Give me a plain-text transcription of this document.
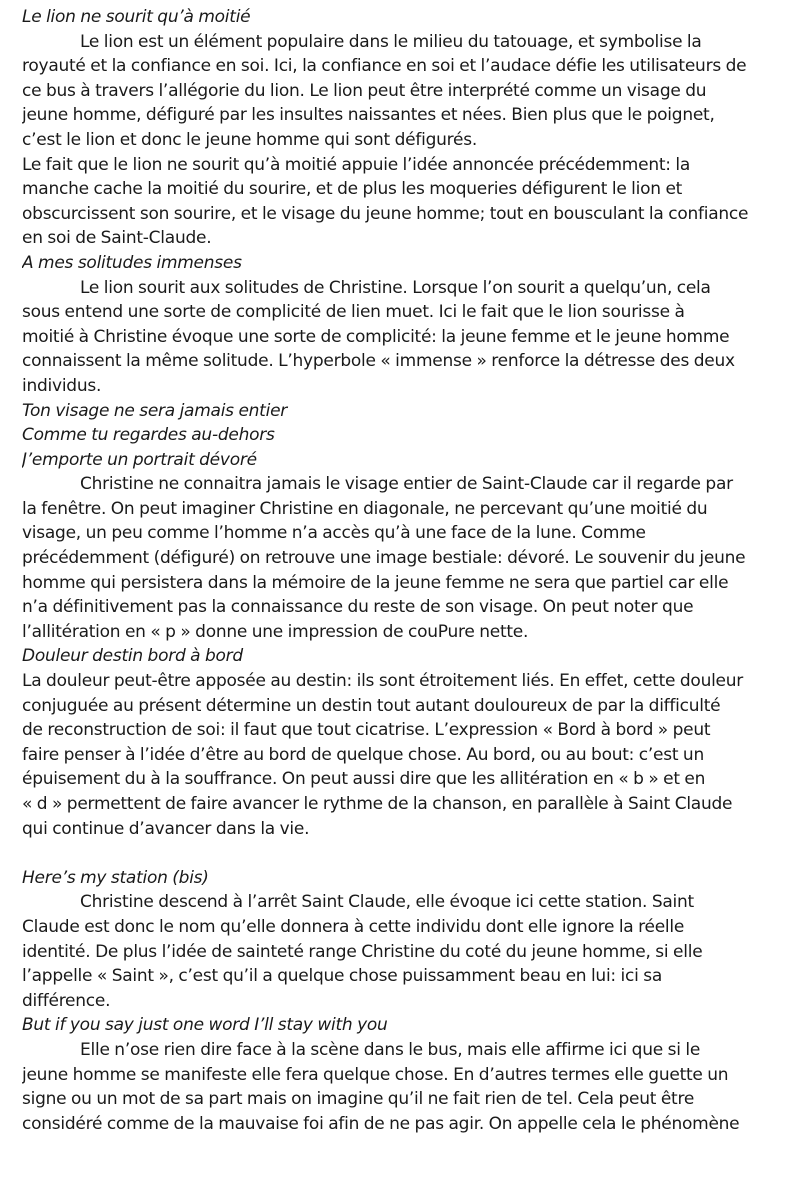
Le lion ne sourit qu’à moitié
Le lion est un élément populaire dans le milieu du tatouage, et symbolise la
royauté et la confiance en soi. Ici, la confiance en soi et l’audace défie les utilisateurs de
ce bus à travers l’allégorie du lion. Le lion peut être interprété comme un visage du
jeune homme, défiguré par les insultes naissantes et nées. Bien plus que le poignet,
c’est le lion et donc le jeune homme qui sont défigurés.
Le fait que le lion ne sourit qu’à moitié appuie l’idée annoncée précédemment: la
manche cache la moitié du sourire, et de plus les moqueries défigurent le lion et
obscurcissent son sourire, et le visage du jeune homme; tout en bousculant la confiance
en soi de Saint-Claude.
A mes solitudes immenses
Le lion sourit aux solitudes de Christine. Lorsque l’on sourit a quelqu’un, cela
sous entend une sorte de complicité de lien muet. Ici le fait que le lion sourisse à
moitié à Christine évoque une sorte de complicité: la jeune femme et le jeune homme
connaissent la même solitude. L’hyperbole « immense » renforce la détresse des deux
individus.
Ton visage ne sera jamais entier
Comme tu regardes au-dehors
J’emporte un portrait dévoré
Christine ne connaitra jamais le visage entier de Saint-Claude car il regarde par
la fenêtre. On peut imaginer Christine en diagonale, ne percevant qu’une moitié du
visage, un peu comme l’homme n’a accès qu’à une face de la lune. Comme
précédemment (défiguré) on retrouve une image bestiale: dévoré. Le souvenir du jeune
homme qui persistera dans la mémoire de la jeune femme ne sera que partiel car elle
n’a définitivement pas la connaissance du reste de son visage. On peut noter que
l’allitération en « p » donne une impression de couPure nette.
Douleur destin bord à bord
La douleur peut-être apposée au destin: ils sont étroitement liés. En effet, cette douleur
conjuguée au présent détermine un destin tout autant douloureux de par la difficulté
de reconstruction de soi: il faut que tout cicatrise. L’expression « Bord à bord » peut
faire penser à l’idée d’être au bord de quelque chose. Au bord, ou au bout: c’est un
épuisement du à la souffrance. On peut aussi dire que les allitération en « b » et en
« d » permettent de faire avancer le rythme de la chanson, en parallèle à Saint Claude
qui continue d’avancer dans la vie.
Here’s my station (bis)
Christine descend à l’arrêt Saint Claude, elle évoque ici cette station. Saint
Claude est donc le nom qu’elle donnera à cette individu dont elle ignore la réelle
identité. De plus l’idée de sainteté range Christine du coté du jeune homme, si elle
l’appelle « Saint », c’est qu’il a quelque chose puissamment beau en lui: ici sa
différence.
But if you say just one word I’ll stay with you
Elle n’ose rien dire face à la scène dans le bus, mais elle affirme ici que si le
jeune homme se manifeste elle fera quelque chose. En d’autres termes elle guette un
signe ou un mot de sa part mais on imagine qu’il ne fait rien de tel. Cela peut être
considéré comme de la mauvaise foi afin de ne pas agir. On appelle cela le phénomène
